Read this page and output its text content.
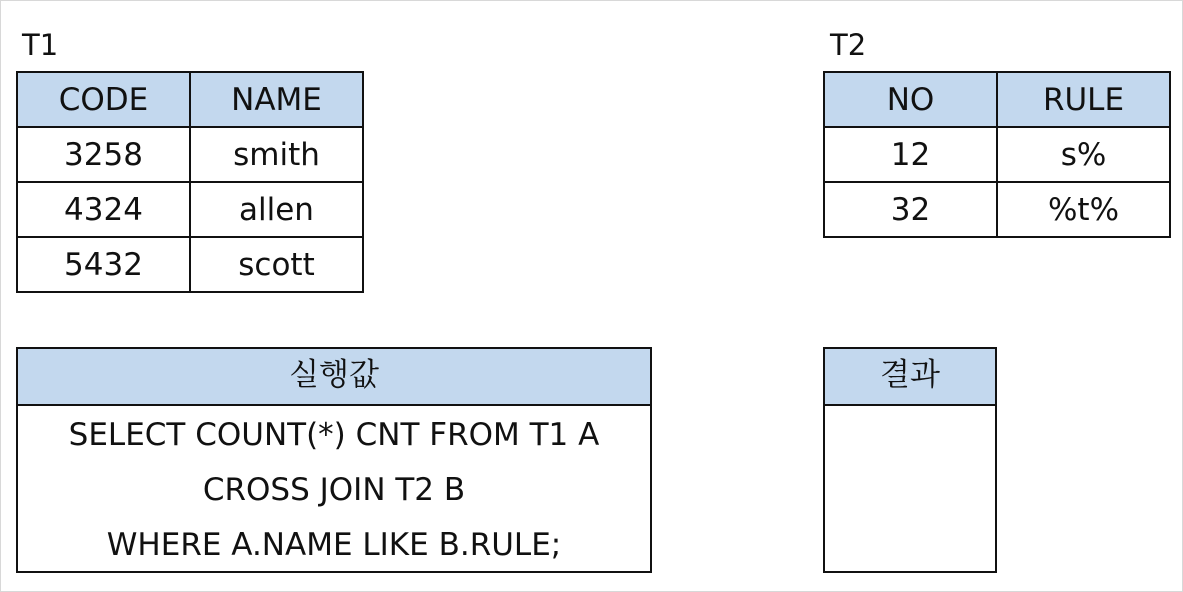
T1
CODE	NAME
3258	smith
4324	allen
5432	scott
T2
NO	RULE
12	s%
32	%t%
실행값
SELECT COUNT(*) CNT FROM T1 A
CROSS JOIN T2 B
WHERE A.NAME LIKE B.RULE;
결과
